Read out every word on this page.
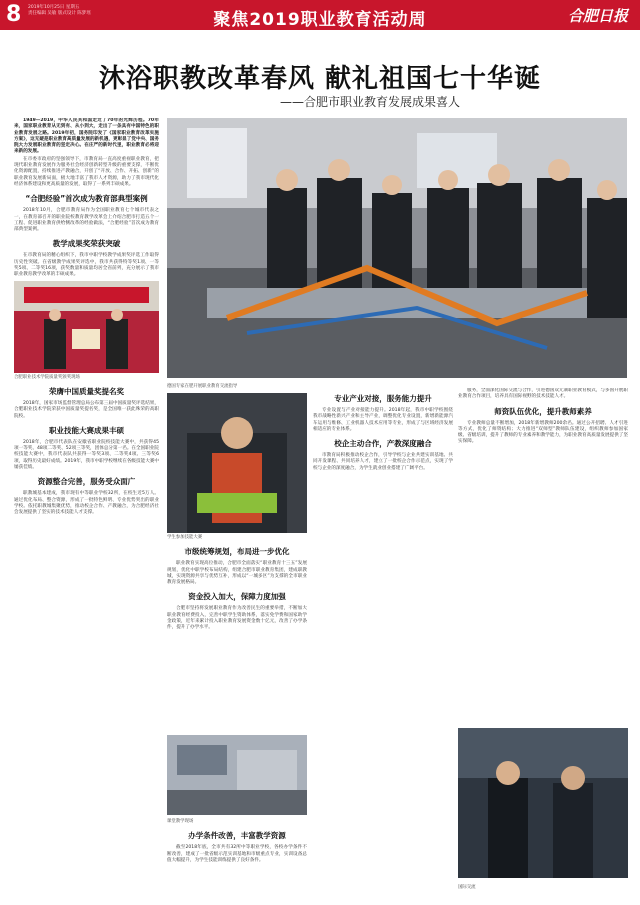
8 2019年10月25日 星期五
责任编辑 吴敏 版式设计 陈梦瑶	聚焦2019职业教育活动周	合肥日报
沐浴职教改革春风 献礼祖国七十华诞
——合肥市职业教育发展成果喜人

1949—2019，中华人民共和国走过了70年的光辉历程。70年来，国家职业教育从无到有、从小到大，走出了一条具有中国特色的职业教育发展之路。2019年初，国务院印发了《国家职业教育改革实施方案》，这无疑是职业教育高质量发展的新机遇，更彰显了党中央、国务院大力发展职业教育的坚定决心。在庄严的新时代里，职业教育必将迎来新的发展。

在市委市政府的坚强领导下，市教育局一直高度重视职业教育，把现代职业教育发展作为服务社会经济创新转型升级的重要支撑，不断优化资源配置，持续推进产教融合，开创了“开放、合作、开拓、创新”的职业教育发展新局面，极大地丰富了我市人才资源，助力了我市现代化经济体系建设和更高质量的发展，取得了一系列丰硕成果。

“合肥经验”首次成为教育部典型案例

2018年10月，合肥市教育局作为全国职业教育七个城市代表之一，在教育部召开的职业院校教育教学改革会上介绍合肥市打造五个一工程、促进职业教育供给侧改革的经验做法，“合肥经验”首次成为教育部典型案例。

教学成果奖荣获突破

在市教育局的精心组织下，我市中职学校教学成果奖评选工作取得历史性突破。在省级教学成果奖评选中，我市共获得特等奖1项、一等奖5项、二等奖16项，获奖数量和质量均居全省前列，充分展示了我市职业教育教学改革的丰硕成果。

合肥职业技术学院质量奖颁奖现场
荣膺中国质量奖提名奖

2018年，国家市场监督管理总局公布第三届中国质量奖评选结果，合肥职业技术学院荣获中国质量奖提名奖，是全国唯一获此殊荣的高职院校。

职业技能大赛成果丰硕

2018年，合肥市代表队在安徽省职业院校技能大赛中，共获得45项一等奖、48项二等奖、52项三等奖，团体总分第一名。在全国职业院校技能大赛中，我市代表队共获得一等奖3项、二等奖4项、三等奖6项，取得历史最好成绩。2019年，我市中职学校继续在各级技能大赛中屡获佳绩。

资源整合完善，服务受众面广

职教城基本建成，我市现有中等职业学校32所，在校生近5万人。通过优化布局、整合资源，形成了一批特色鲜明、专业优势突出的职业学校。依托职教城集聚优势，推动校企合作、产教融合，为合肥经济社会发展提供了坚实的技术技能人才支撑。

德国专家在肥开展职业教育交流指导
学生参加技能大赛
市级统筹规划，布局进一步优化

职业教育实现高位推动，合肥市全面落实“职业教育十三五”发展规划，优化中职学校布局结构，组建合肥市职业教育集团，建成职教城，实现资源共享与优势互补，形成以“一城多区”为支撑的全市职业教育发展格局。

资金投入加大，保障力度加强

合肥市坚持将发展职业教育作为改善民生的重要举措，不断加大职业教育经费投入，完善中职学生资助体系，落实免学费和国家助学金政策，近年来累计投入职业教育发展资金数十亿元，改善了办学条件，提升了办学水平。

课堂教学现场
办学条件改善，丰富教学资源

截至2018年底，全市共有32所中等职业学校，各校办学条件不断改善，建成了一批省级示范实训基地和市级重点专业，实训设备总值大幅提升，为学生技能训练提供了良好条件。

专业产业对接，服务能力提升

专业设置与产业对接能力提升。2018年起，我市中职学校围绕我市战略性新兴产业和主导产业，调整优化专业设置，新增新能源汽车运用与维修、工业机器人技术应用等专业，形成了与区域经济发展相适应的专业体系。

校企主动合作，产教深度融合

市教育局积极推动校企合作，引导学校与企业共建实训基地、共同开发课程、共同培养人才，建立了一批校企合作示范点，实现了学校与企业的深度融合，为学生就业创业搭建了广阔平台。

服务，全面深化国际交流与合作，引进德国双元制职业教育模式，与多国开展职业教育合作项目，培养具有国际视野的技术技能人才。

师资队伍优化，提升教师素养

专业教师总量不断增加，2018年新增教师200余名。通过公开招聘、人才引进等方式，优化了师资结构；大力推进“双师型”教师队伍建设，组织教师参加国家级、省级培训，提升了教师的专业素养和教学能力，为职业教育高质量发展提供了坚实保障。

国际交流
